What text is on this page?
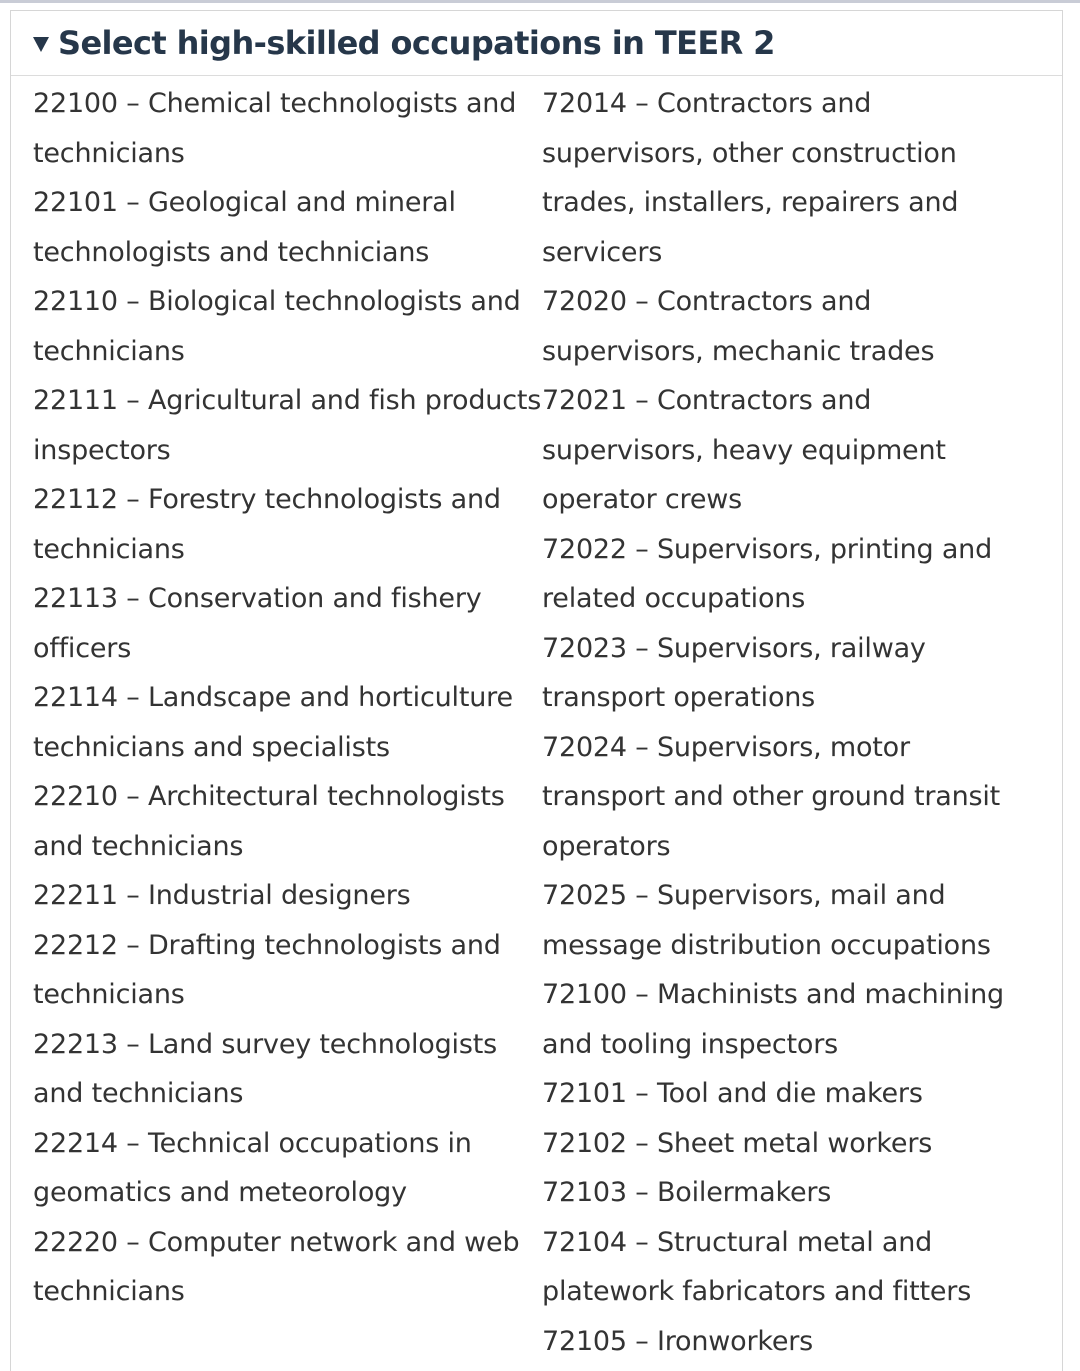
Select high-skilled occupations in TEER 2
22100 – Chemical technologists and technicians
22101 – Geological and mineral technologists and technicians
22110 – Biological technologists and technicians
22111 – Agricultural and fish products inspectors
22112 – Forestry technologists and technicians
22113 – Conservation and fishery officers
22114 – Landscape and horticulture technicians and specialists
22210 – Architectural technologists and technicians
22211 – Industrial designers
22212 – Drafting technologists and technicians
22213 – Land survey technologists and technicians
22214 – Technical occupations in geomatics and meteorology
22220 – Computer network and web technicians
72014 – Contractors and supervisors, other construction trades, installers, repairers and servicers
72020 – Contractors and supervisors, mechanic trades
72021 – Contractors and supervisors, heavy equipment operator crews
72022 – Supervisors, printing and related occupations
72023 – Supervisors, railway transport operations
72024 – Supervisors, motor transport and other ground transit operators
72025 – Supervisors, mail and message distribution occupations
72100 – Machinists and machining and tooling inspectors
72101 – Tool and die makers
72102 – Sheet metal workers
72103 – Boilermakers
72104 – Structural metal and platework fabricators and fitters
72105 – Ironworkers
